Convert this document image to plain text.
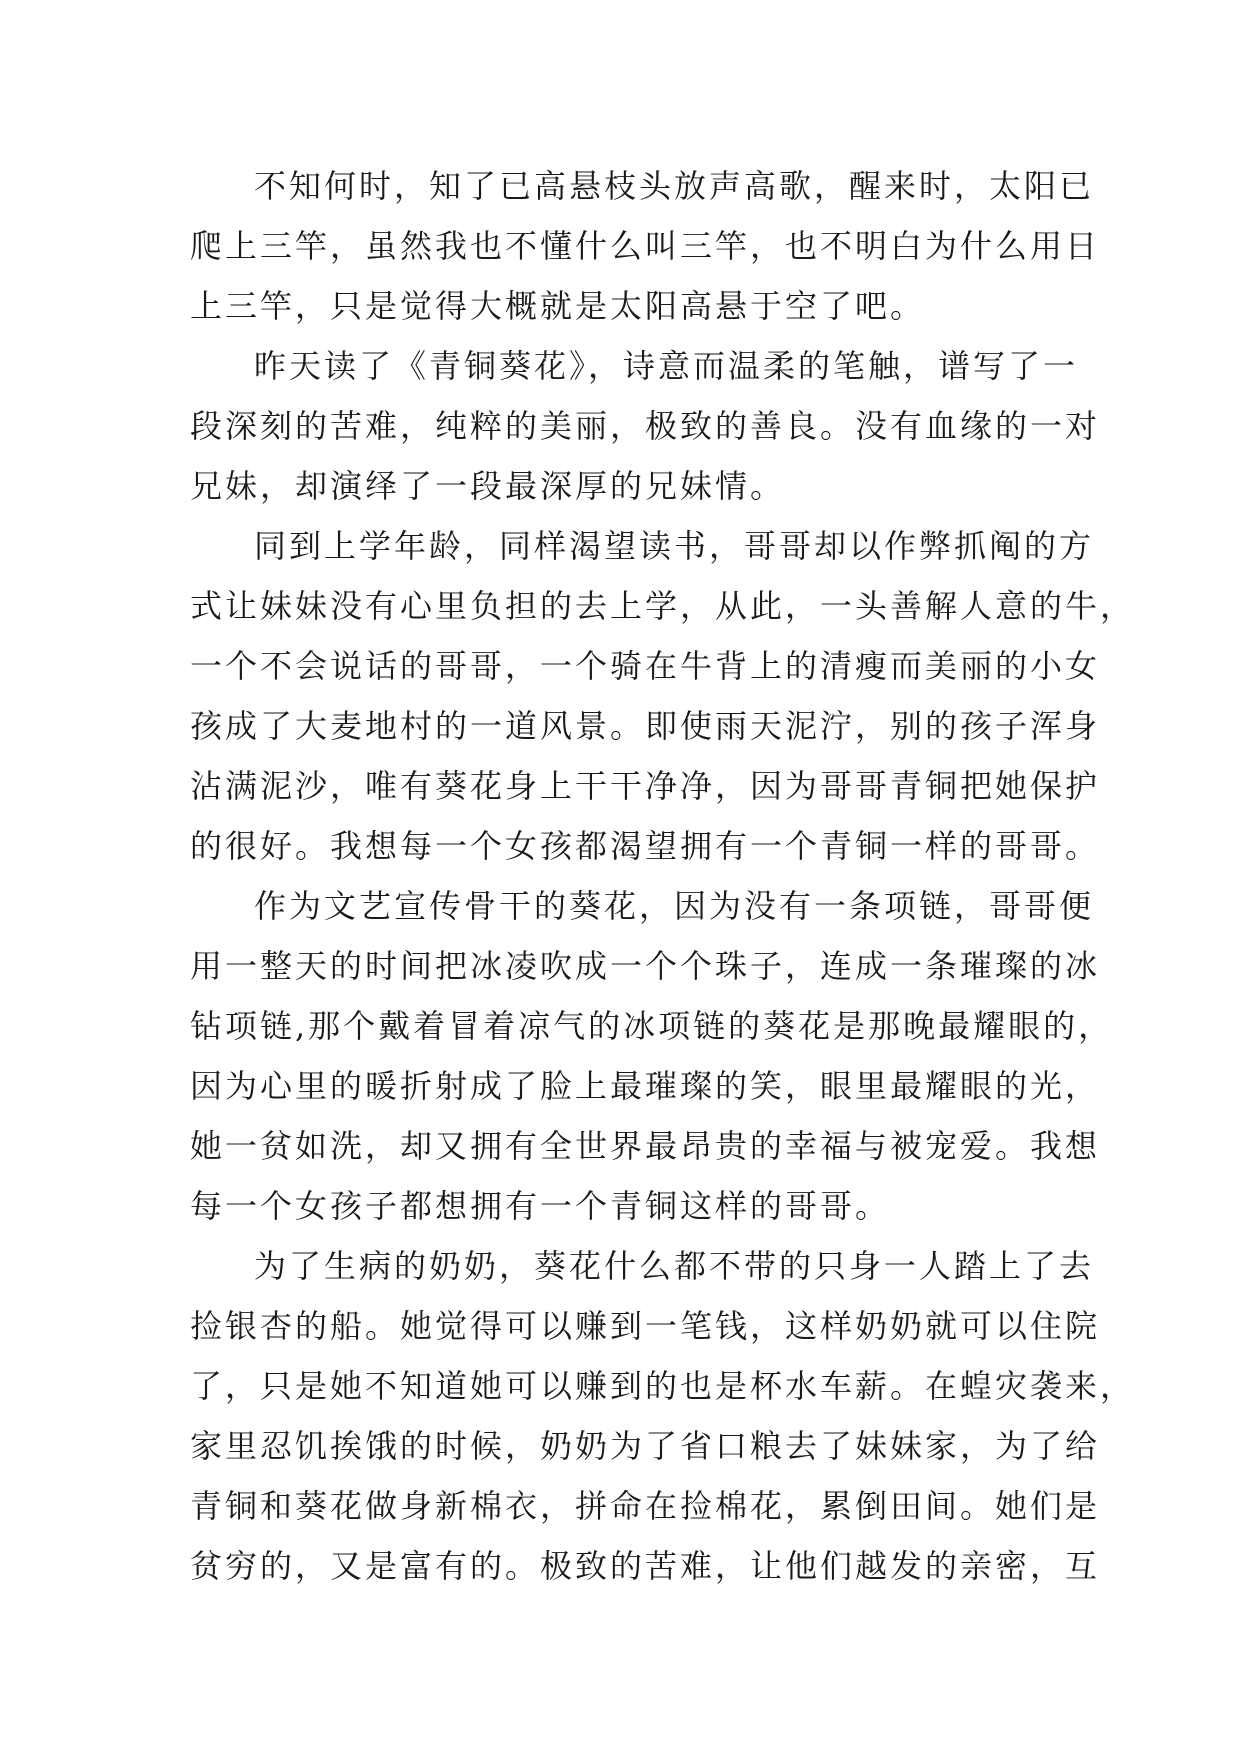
不知何时，知了已高悬枝头放声高歌，醒来时，太阳已
爬上三竿，虽然我也不懂什么叫三竿，也不明白为什么用日
上三竿，只是觉得大概就是太阳高悬于空了吧。
昨天读了《青铜葵花》，诗意而温柔的笔触，谱写了一
段深刻的苦难，纯粹的美丽，极致的善良。没有血缘的一对
兄妹，却演绎了一段最深厚的兄妹情。
同到上学年龄，同样渴望读书，哥哥却以作弊抓阄的方
式让妹妹没有心里负担的去上学，从此，一头善解人意的牛，
一个不会说话的哥哥，一个骑在牛背上的清瘦而美丽的小女
孩成了大麦地村的一道风景。即使雨天泥泞，别的孩子浑身
沾满泥沙，唯有葵花身上干干净净，因为哥哥青铜把她保护
的很好。我想每一个女孩都渴望拥有一个青铜一样的哥哥。
作为文艺宣传骨干的葵花，因为没有一条项链，哥哥便
用一整天的时间把冰凌吹成一个个珠子，连成一条璀璨的冰
钻项链,那个戴着冒着凉气的冰项链的葵花是那晚最耀眼的，
因为心里的暖折射成了脸上最璀璨的笑，眼里最耀眼的光，
她一贫如洗，却又拥有全世界最昂贵的幸福与被宠爱。我想
每一个女孩子都想拥有一个青铜这样的哥哥。
为了生病的奶奶，葵花什么都不带的只身一人踏上了去
捡银杏的船。她觉得可以赚到一笔钱，这样奶奶就可以住院
了，只是她不知道她可以赚到的也是杯水车薪。在蝗灾袭来，
家里忍饥挨饿的时候，奶奶为了省口粮去了妹妹家，为了给
青铜和葵花做身新棉衣，拼命在捡棉花，累倒田间。她们是
贫穷的，又是富有的。极致的苦难，让他们越发的亲密，互
